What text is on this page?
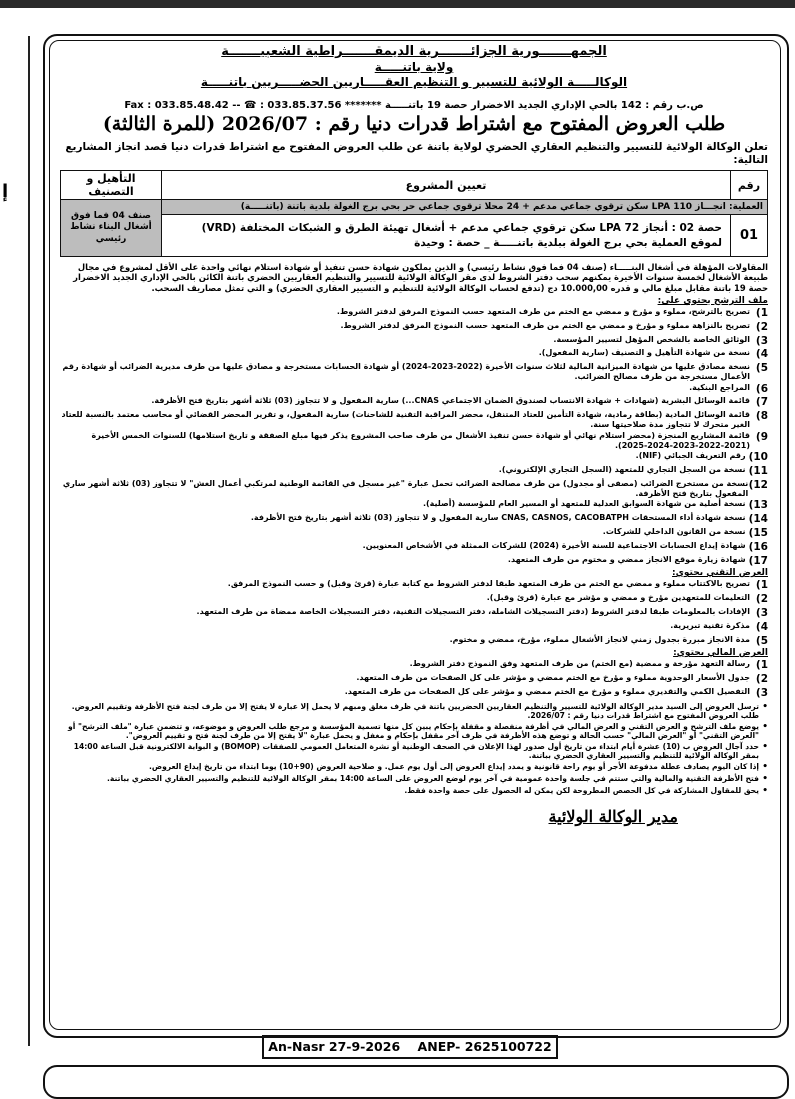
إ
الجمهـــــــورية الجزائـــــــرية الديمقـــــــراطية الشعبيـــــــة
ولاية باتنـــــة
الوكالـــــة الولائية للتسيير و التنظيم العقـــــاريين الحضـــــريين باتنـــــة
Fax : 033.85.48.42 -- ☎ : 033.85.37.56 ******* ص.ب رقم : 142 بالحي الإداري الجديد الاخضرار حصة 19 باتنـــــة
طلب العروض المفتوح مع اشتراط قدرات دنيا رقم : 2026/07 (للمرة الثالثة)
تعلن الوكالة الولائية للتسيير والتنظيم العقاري الحضري لولاية باتنة عن طلب العروض المفتوح مع اشتراط قدرات دنيا قصد انجاز المشاريع التالية:
رقم	تعيين المشروع	التأهيل و التصنيف
العملية: انجـــاز 110 LPA سكن ترقوي جماعي مدعم + 24 محلا ترقوي جماعي حر بحي برج الغولة بلدية باتنة (باتنـــــة)		صنف 04 فما فوق أشغال البناء نشاط رئيسي
01	حصة 02 : أنجاز 72 LPA سكن ترقوي جماعي مدعم + أشغال تهيئة الطرق و الشبكات المختلفة (VRD)
لموقع العملية بحي برج الغولة ببلدية باتنـــــة _ حصة : وحيدة	

المقاولات المؤهلة في أشغال البنـــــاء (صنف 04 فما فوق نشاط رئيسي) و الذين يملكون شهادة حسن تنفيذ أو شهادة استلام نهائي واحدة على الأقل لمشروع في مجال طبيعة الأشغال لخمسة سنوات الأخيرة يمكنهم سحب دفتر الشروط لدى مقر الوكالة الولائية للتسيير والتنظيم العقاريين الحضري باتنة الكائن بالحي الإداري الجديد الاخضرار حصة 19 باتنة مقابل مبلغ مالي و قدره 10.000,00 دج (تدفع لحساب الوكالة الولائية للتنظيم و التسيير العقاري الحضري) و التي تمثل مصاريف السحب.

ملف الترشح يحتوي على:
1)
تصريح بالترشح، مملوء و مؤرخ و ممضي مع الختم من طرف المتعهد حسب النموذج المرفق لدفتر الشروط.
2)
تصريح بالنزاهة مملوء و مؤرخ و ممضي مع الختم من طرف المتعهد حسب النموذج المرفق لدفتر الشروط.
3)
الوثائق الخاصة بالشخص المؤهل لتسيير المؤسسة.
4)
نسخة من شهادة التأهيل و التصنيف (سارية المفعول).
5)
نسخة مصادق عليها من شهادة الميزانية المالية لثلاث سنوات الأخيرة (2022-2023-2024) أو شهادة الحسابات مستخرجة و مصادق عليها من طرف مديرية الضرائب أو شهادة رقم الأعمال مستخرجة من طرف مصالح الضرائب.
6)
المراجع البنكية.
7)
قائمة الوسائل البشرية (شهادات + شهادة الانتساب لصندوق الضمان الاجتماعي CNAS...) سارية المفعول و لا تتجاوز (03) ثلاثة أشهر بتاريخ فتح الأظرفة.
8)
قائمة الوسائل المادية (بطاقة رمادية، شهادة التأمين للعتاد المتنقل، محضر المراقبة التقنية للشاحنات) سارية المفعول، و تقرير المحضر القضائي أو محاسب معتمد بالنسبة للعتاد الغير متحرك لا تتجاوز مدة صلاحيتها سنة.
9)
قائمة المشاريع المنجزة (محضر استلام نهائي أو شهادة حسن تنفيذ الأشغال من طرف صاحب المشروع يذكر فيها مبلغ الصفقة و تاريخ استلامها) للسنوات الخمس الأخيرة (2021-2022-2023-2024-2025).
10)
رقم التعريف الجبائي (NIF).
11)
نسخة من السجل التجاري للمتعهد (السجل التجاري الإلكتروني).
12)
نسخة من مستخرج الضرائب (مصفى أو مجدول) من طرف مصالحة الضرائب تحمل عبارة "غير مسجل في القائمة الوطنية لمرتكبي أعمال الغش" لا تتجاوز (03) ثلاثة أشهر ساري المفعول بتاريخ فتح الأظرفة.
13)
نسخة أصلية من شهادة السوابق العدلية للمتعهد أو المسير العام للمؤسسة (أصلية).
14)
نسخة شهادة أداء المستحقات CNAS, CASNOS, CACOBATPH سارية المفعول و لا تتجاوز (03) ثلاثة أشهر بتاريخ فتح الأظرفة.
15)
نسخة من القانون الداخلي للشركات.
16)
شهادة إيداع الحسابات الاجتماعية للسنة الأخيرة (2024) للشركات الممثلة في الأشخاص المعنويين.
17)
شهادة زيارة موقع الانجاز ممضي و مختوم من طرف المتعهد.
العرض التقني يحتوي:
1)
تصريح بالاكتتاب مملوء و ممضي مع الختم من طرف المتعهد طبقا لدفتر الشروط مع كتابة عبارة (قرئ وقبل) و حسب النموذج المرفق.
2)
التعليمات للمتعهدين مؤرخ و ممضي و مؤشر مع عبارة (قرئ وقبل).
3)
الإفادات بالمعلومات طبقا لدفتر الشروط (دفتر التسجيلات الشاملة، دفتر التسجيلات التقنية، دفتر التسجيلات الخاصة ممضاة من طرف المتعهد.
4)
مذكرة تقنية تبريرية.
5)
مدة الانجاز مبررة بجدول زمني لانجاز الأشغال مملوء، مؤرخ، ممضي و مختوم.
العرض المالي يحتوي:
1)
رسالة التعهد مؤرخة و ممضية (مع الختم) من طرف المتعهد وفق النموذج دفتر الشروط.
2)
جدول الأسعار الوحدوية مملوء و مؤرخ مع الختم ممضي و مؤشر على كل الصفحات من طرف المتعهد.
3)
التفصيل الكمي والتقديري مملوء و مؤرخ مع الختم ممضي و مؤشر على كل الصفحات من طرف المتعهد.
•
ترسل العروض إلى السيد مدير الوكالة الولائية للتسيير والتنظيم العقاريين الحضريين باتنة في ظرف مغلق ومبهم لا يحمل إلا عبارة لا يفتح إلا من طرف لجنة فتح الأظرفة وتقييم العروض. طلب العروض المفتوح مع اشتراط قدرات دنيا رقم : 2026/07.
•
يوضع ملف الترشح و العرض التقني و العرض المالي في أظرفة منفصلة و مقفلة بإحكام يبين كل منها تسمية المؤسسة و مرجع طلب العروض و موضوعه، و تتضمن عبارة "ملف الترشح" أو "العرض التقني" أو "العرض المالي" حسب الحالة و توضع هذه الأظرفة في ظرف آخر مقفل بإحكام و مغفل و يحمل عبارة "لا يفتح إلا من طرف لجنة فتح و تقييم العروض".
•
حدد آجال العروض ب (10) عشرة أيام ابتداء من تاريخ أول صدور لهذا الإعلان في الصحف الوطنية أو نشرة المتعامل العمومي للصفقات (BOMOP) و البوابة الالكترونية قبل الساعة 14:00 بمقر الوكالة الولائية للتنظيم والتسيير العقاري الحضري بباتنة.
•
إذا كان اليوم يصادف عطلة مدفوعة الأجر أو يوم راحة قانونية و يمدد إيداع العروض إلى أول يوم عمل. و صلاحية العروض (90+10) يوما ابتداء من تاريخ إيداع العروض.
•
فتح الأظرفة التقنية والمالية والتي ستتم في جلسة واحدة عمومية في آخر يوم لوضع العروض على الساعة 14:00 بمقر الوكالة الولائية للتنظيم والتسيير العقاري الحضري بباتنة.
•
يحق للمقاول المشاركة في كل الحصص المطروحة لكن يمكن له الحصول على حصة واحدة فقط.
مدير الوكالة الولائية
An-Nasr 27-9-2026    ANEP- 2625100722
